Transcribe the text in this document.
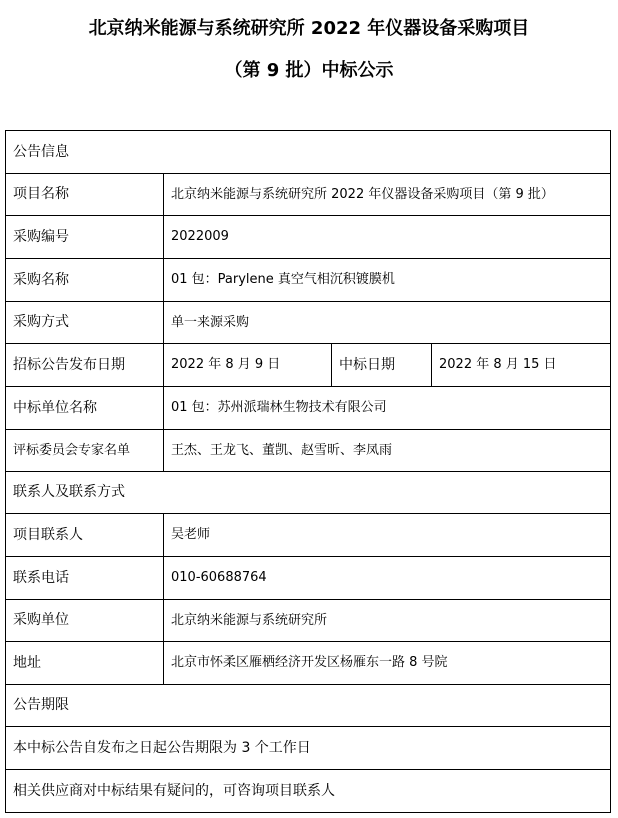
北京纳米能源与系统研究所 2022 年仪器设备采购项目
（第 9 批）中标公示
公告信息			
项目名称	北京纳米能源与系统研究所 2022 年仪器设备采购项目（第 9 批）		
采购编号	2022009		
采购名称	01 包：Parylene 真空气相沉积镀膜机		
采购方式	单一来源采购		
招标公告发布日期	2022 年 8 月 9 日	中标日期	2022 年 8 月 15 日
中标单位名称	01 包：苏州派瑞林生物技术有限公司		
评标委员会专家名单	王杰、王龙飞、董凯、赵雪昕、李凤雨		
联系人及联系方式			
项目联系人	吴老师		
联系电话	010-60688764		
采购单位	北京纳米能源与系统研究所		
地址	北京市怀柔区雁栖经济开发区杨雁东一路 8 号院		
公告期限			
本中标公告自发布之日起公告期限为 3 个工作日			
相关供应商对中标结果有疑问的，可咨询项目联系人			
